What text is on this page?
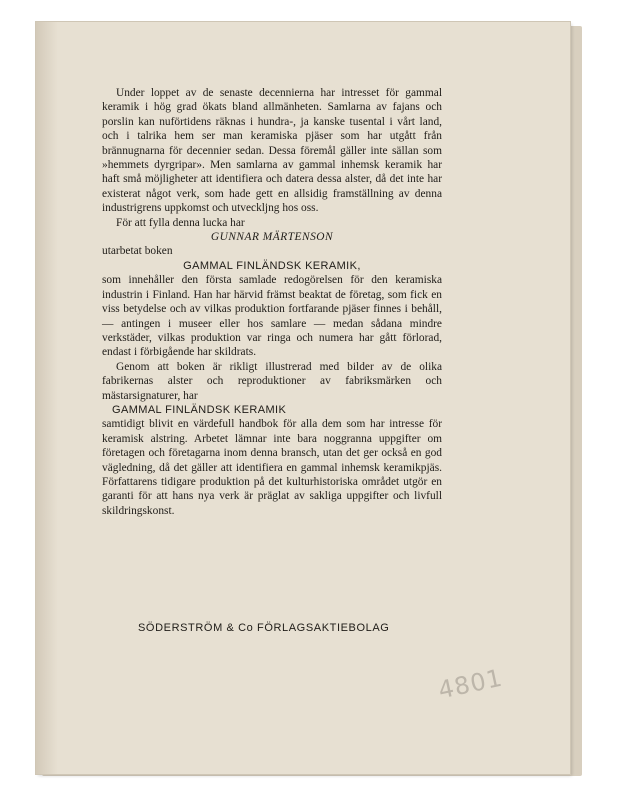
Under loppet av de senaste decennierna har intresset för gammal keramik i hög grad ökats bland allmänheten. Samlarna av fajans och porslin kan nuförtidens räknas i hundra-, ja kanske tusental i vårt land, och i talrika hem ser man keramiska pjäser som har utgått från brännugnarna för decennier sedan. Dessa föremål gäller inte sällan som »hemmets dyrgripar». Men samlarna av gammal inhemsk keramik har haft små möjligheter att identifiera och datera dessa alster, då det inte har existerat något verk, som hade gett en allsidig framställning av denna industrigrens uppkomst och utveckljng hos oss.

För att fylla denna lucka har

GUNNAR MÄRTENSON

utarbetat boken

GAMMAL FINLÄNDSK KERAMIK,

som innehåller den första samlade redogörelsen för den keramiska industrin i Finland. Han har härvid främst beaktat de företag, som fick en viss betydelse och av vilkas produktion fortfarande pjäser finnes i behåll, — antingen i museer eller hos samlare — medan sådana mindre verkstäder, vilkas produktion var ringa och numera har gått förlorad, endast i förbigående har skildrats.

Genom att boken är rikligt illustrerad med bilder av de olika fabrikernas alster och reproduktioner av fabriksmärken och mästarsignaturer, har

GAMMAL FINLÄNDSK KERAMIK

samtidigt blivit en värdefull handbok för alla dem som har intresse för keramisk alstring. Arbetet lämnar inte bara noggranna uppgifter om företagen och företagarna inom denna bransch, utan det ger också en god vägledning, då det gäller att identifiera en gammal inhemsk keramikpjäs. Författarens tidigare produktion på det kulturhistoriska området utgör en garanti för att hans nya verk är präglat av sakliga uppgifter och livfull skildringskonst.

SÖDERSTRÖM & Co FÖRLAGSAKTIEBOLAG
4801
